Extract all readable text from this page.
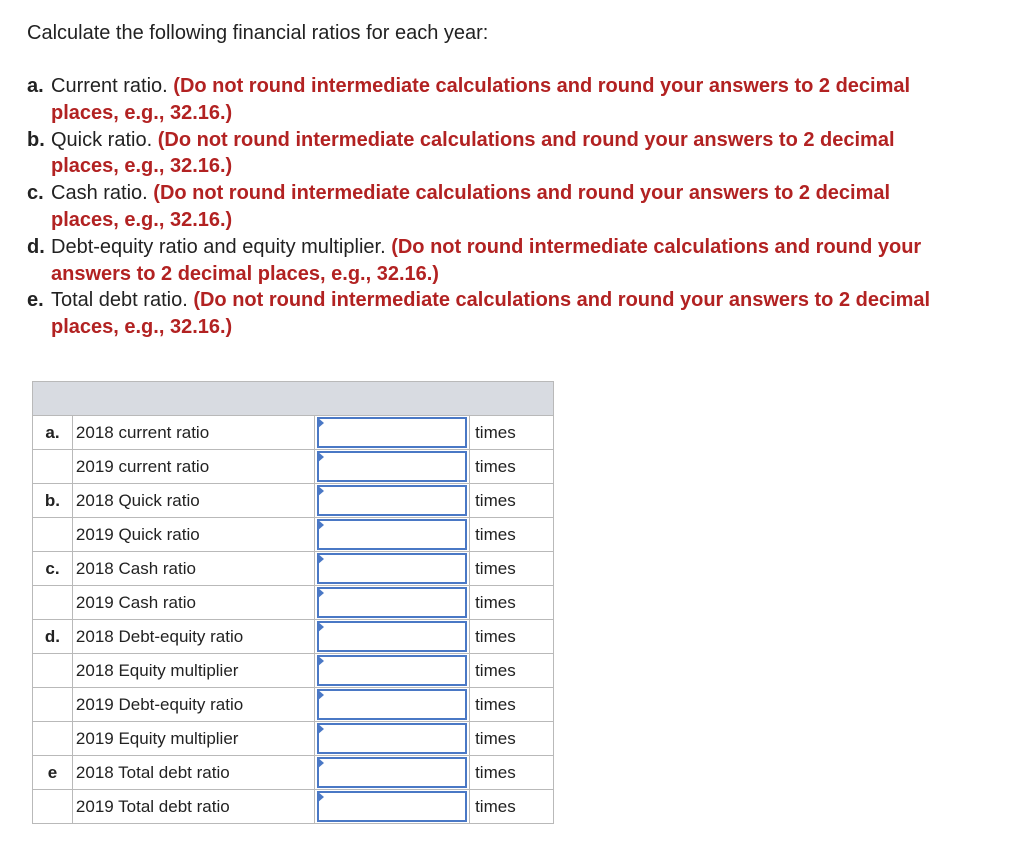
Calculate the following financial ratios for each year:

a. Current ratio. (Do not round intermediate calculations and round your answers to 2 decimal places, e.g., 32.16.)

b. Quick ratio. (Do not round intermediate calculations and round your answers to 2 decimal places, e.g., 32.16.)

c. Cash ratio. (Do not round intermediate calculations and round your answers to 2 decimal places, e.g., 32.16.)

d. Debt-equity ratio and equity multiplier. (Do not round intermediate calculations and round your answers to 2 decimal places, e.g., 32.16.)

e. Total debt ratio. (Do not round intermediate calculations and round your answers to 2 decimal places, e.g., 32.16.)

a.	2018 current ratio		times
	2019 current ratio		times
b.	2018 Quick ratio		times
	2019 Quick ratio		times
c.	2018 Cash ratio		times
	2019 Cash ratio		times
d.	2018 Debt-equity ratio		times
	2018 Equity multiplier		times
	2019 Debt-equity ratio		times
	2019 Equity multiplier		times
e	2018 Total debt ratio		times
	2019 Total debt ratio		times
